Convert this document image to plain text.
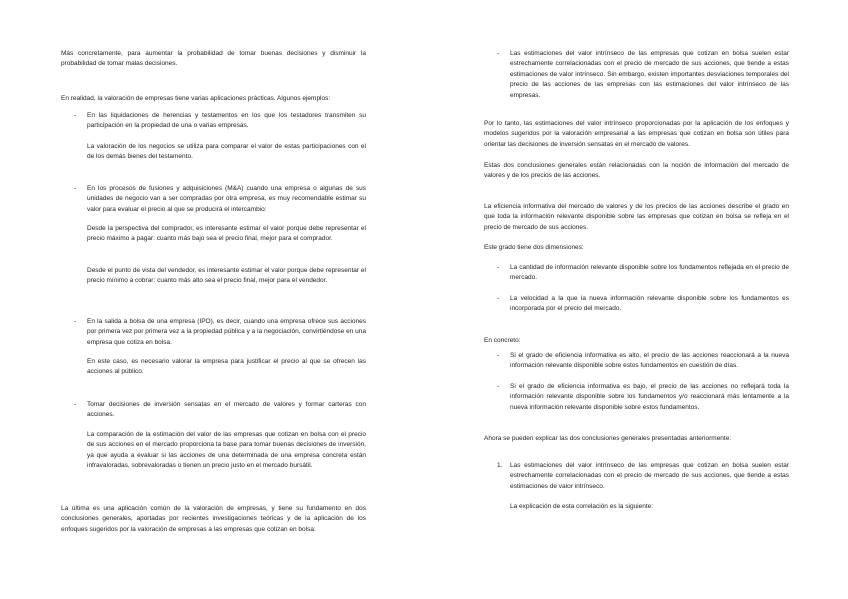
Más concretamente, para aumentar la probabilidad de tomar buenas decisiones y disminuir la probabilidad de tomar malas decisiones.

En realidad, la valoración de empresas tiene varias aplicaciones prácticas. Algunos ejemplos:

- En las liquidaciones de herencias y testamentos en los que los testadores transmiten su participación en la propiedad de una o varias empresas.

La valoración de los negocios se utiliza para comparar el valor de estas participaciones con el de los demás bienes del testamento.

- En los procesos de fusiones y adquisiciones (M&A) cuando una empresa o algunas de sus unidades de negocio van a ser compradas por otra empresa, es muy recomendable estimar su valor para evaluar el precio al que se producirá el intercambio:

Desde la perspectiva del comprador, es interesante estimar el valor porque debe representar el precio máximo a pagar: cuanto más bajo sea el precio final, mejor para el comprador.

Desde el punto de vista del vendedor, es interesante estimar el valor porque debe representar el precio mínimo a cobrar: cuanto más alto sea el precio final, mejor para el vendedor.

- En la salida a bolsa de una empresa (IPO), es decir, cuando una empresa ofrece sus acciones por primera vez por primera vez a la propiedad pública y a la negociación, convirtiéndose en una empresa que cotiza en bolsa.

En este caso, es necesario valorar la empresa para justificar el precio al que se ofrecen las acciones al público.

- Tomar decisiones de inversión sensatas en el mercado de valores y formar carteras con acciones.

La comparación de la estimación del valor de las empresas que cotizan en bolsa con el precio de sus acciones en el mercado proporciona la base para tomar buenas decisiones de inversión, ya que ayuda a evaluar si las acciones de una determinada de una empresa concreta están infravaloradas, sobrevaloradas o tienen un precio justo en el mercado bursátil.

La última es una aplicación común de la valoración de empresas, y tiene su fundamento en dos conclusiones generales, aportadas por recientes investigaciones teóricas y de la aplicación de los enfoques sugeridos por la valoración de empresas a las empresas que cotizan en bolsa:

- Las estimaciones del valor intrínseco de las empresas que cotizan en bolsa suelen estar estrechamente correlacionadas con el precio de mercado de sus acciones, que tiende a estas estimaciones de valor intrínseco. Sin embargo, existen importantes desviaciones temporales del precio de las acciones de las empresas con las estimaciones del valor intrínseco de las empresas.

Por lo tanto, las estimaciones del valor intrínseco proporcionadas por la aplicación de los enfoques y modelos sugeridos por la valoración empresarial a las empresas que cotizan en bolsa son útiles para orientar las decisiones de inversión sensatas en el mercado de valores.

Estas dos conclusiones generales están relacionadas con la noción de información del mercado de valores y de los precios de las acciones.

La eficiencia informativa del mercado de valores y de los precios de las acciones describe el grado en que toda la información relevante disponible sobre las empresas que cotizan en bolsa se refleja en el precio de mercado de sus acciones.

Este grado tiene dos dimensiones:

- La cantidad de información relevante disponible sobre los fundamentos reflejada en el precio de mercado.
- La velocidad a la que la nueva información relevante disponible sobre los fundamentos es incorporada por el precio del mercado.

En concreto:

- Si el grado de eficiencia informativa es alto, el precio de las acciones reaccionará a la nueva información relevante disponible sobre estos fundamentos en cuestión de días.
- Si el grado de eficiencia informativa es bajo, el precio de las acciones no reflejará toda la información relevante disponible sobre los fundamentos y/o reaccionará más lentamente a la nueva información relevante disponible sobre estos fundamentos.

Ahora se pueden explicar las dos conclusiones generales presentadas anteriormente:

1. Las estimaciones del valor intrínseco de las empresas que cotizan en bolsa suelen estar estrechamente correlacionadas con el precio de mercado de sus acciones, que tiende a estas estimaciones de valor intrínseco.

La explicación de esta correlación es la siguiente:
